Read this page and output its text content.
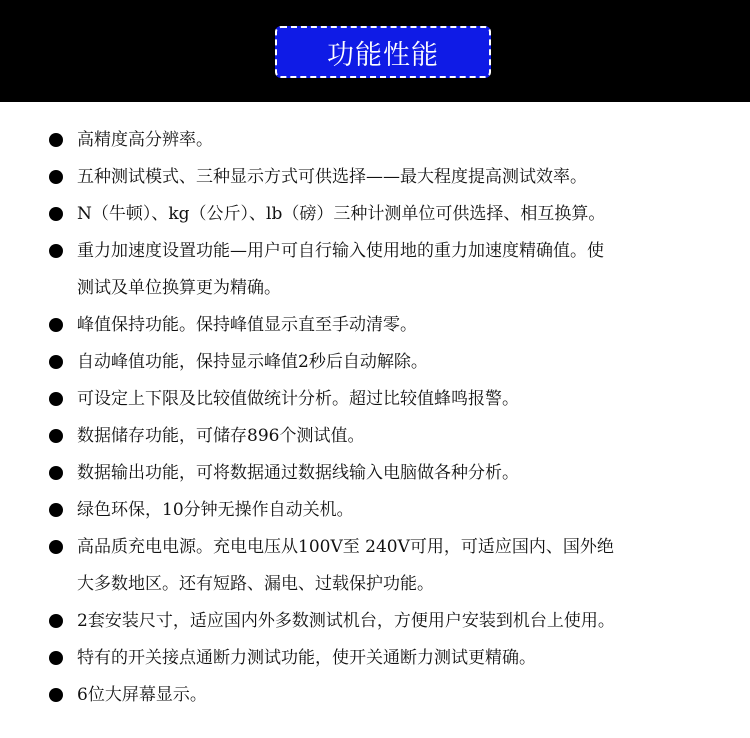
功能性能
高精度高分辨率。
五种测试模式、三种显示方式可供选择——最大程度提高测试效率。
N（牛顿）、kg（公斤）、lb（磅）三种计测单位可供选择、相互换算。
重力加速度设置功能—用户可自行输入使用地的重力加速度精确值。使
测试及单位换算更为精确。
峰值保持功能。保持峰值显示直至手动清零。
自动峰值功能，保持显示峰值2秒后自动解除。
可设定上下限及比较值做统计分析。超过比较值蜂鸣报警。
数据储存功能，可储存896个测试值。
数据输出功能，可将数据通过数据线输入电脑做各种分析。
绿色环保，10分钟无操作自动关机。
高品质充电电源。充电电压从100V至 240V可用，可适应国内、国外绝
大多数地区。还有短路、漏电、过载保护功能。
2套安装尺寸，适应国内外多数测试机台，方便用户安装到机台上使用。
特有的开关接点通断力测试功能，使开关通断力测试更精确。
6位大屏幕显示。
